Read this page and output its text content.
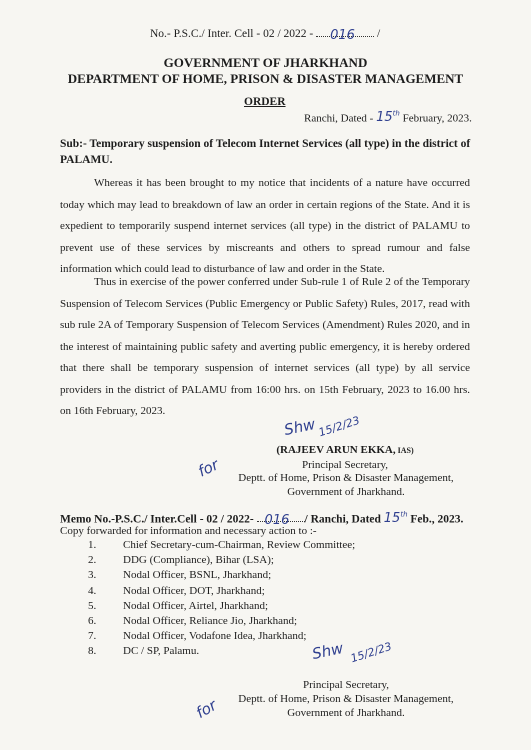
No.- P.S.C./ Inter. Cell - 02 / 2022 - 016 /
GOVERNMENT OF JHARKHAND
DEPARTMENT OF HOME, PRISON & DISASTER MANAGEMENT
ORDER
Ranchi, Dated - 15th February, 2023.
Sub:- Temporary suspension of Telecom Internet Services (all type) in the district of PALAMU.

Whereas it has been brought to my notice that incidents of a nature have occurred today which may lead to breakdown of law an order in certain regions of the State. And it is expedient to temporarily suspend internet services (all type) in the district of PALAMU to prevent use of these services by miscreants and others to spread rumour and false information which could lead to disturbance of law and order in the State.

Thus in exercise of the power conferred under Sub-rule 1 of Rule 2 of the Temporary Suspension of Telecom Services (Public Emergency or Public Safety) Rules, 2017, read with sub rule 2A of Temporary Suspension of Telecom Services (Amendment) Rules 2020, and in the interest of maintaining public safety and averting public emergency, it is hereby ordered that there shall be temporary suspension of internet services (all type) by all service providers in the district of PALAMU from 16:00 hrs. on 15th February, 2023 to 16.00 hrs. on 16th February, 2023.

Shw 15/2/23
for
(RAJEEV ARUN EKKA, IAS)
Principal Secretary,
Deptt. of Home, Prison & Disaster Management,
Government of Jharkhand.
Memo No.-P.S.C./ Inter.Cell - 02 / 2022- 016 / Ranchi, Dated 15th Feb., 2023.
Copy forwarded for information and necessary action to :-
1.	Chief Secretary-cum-Chairman, Review Committee;
2.	DDG (Compliance), Bihar (LSA);
3.	Nodal Officer, BSNL, Jharkhand;
4.	Nodal Officer, DOT, Jharkhand;
5.	Nodal Officer, Airtel, Jharkhand;
6.	Nodal Officer, Reliance Jio, Jharkhand;
7.	Nodal Officer, Vodafone Idea, Jharkhand;
8.	DC / SP, Palamu.	Shw 15/2/23
for
Principal Secretary,
Deptt. of Home, Prison & Disaster Management,
Government of Jharkhand.
